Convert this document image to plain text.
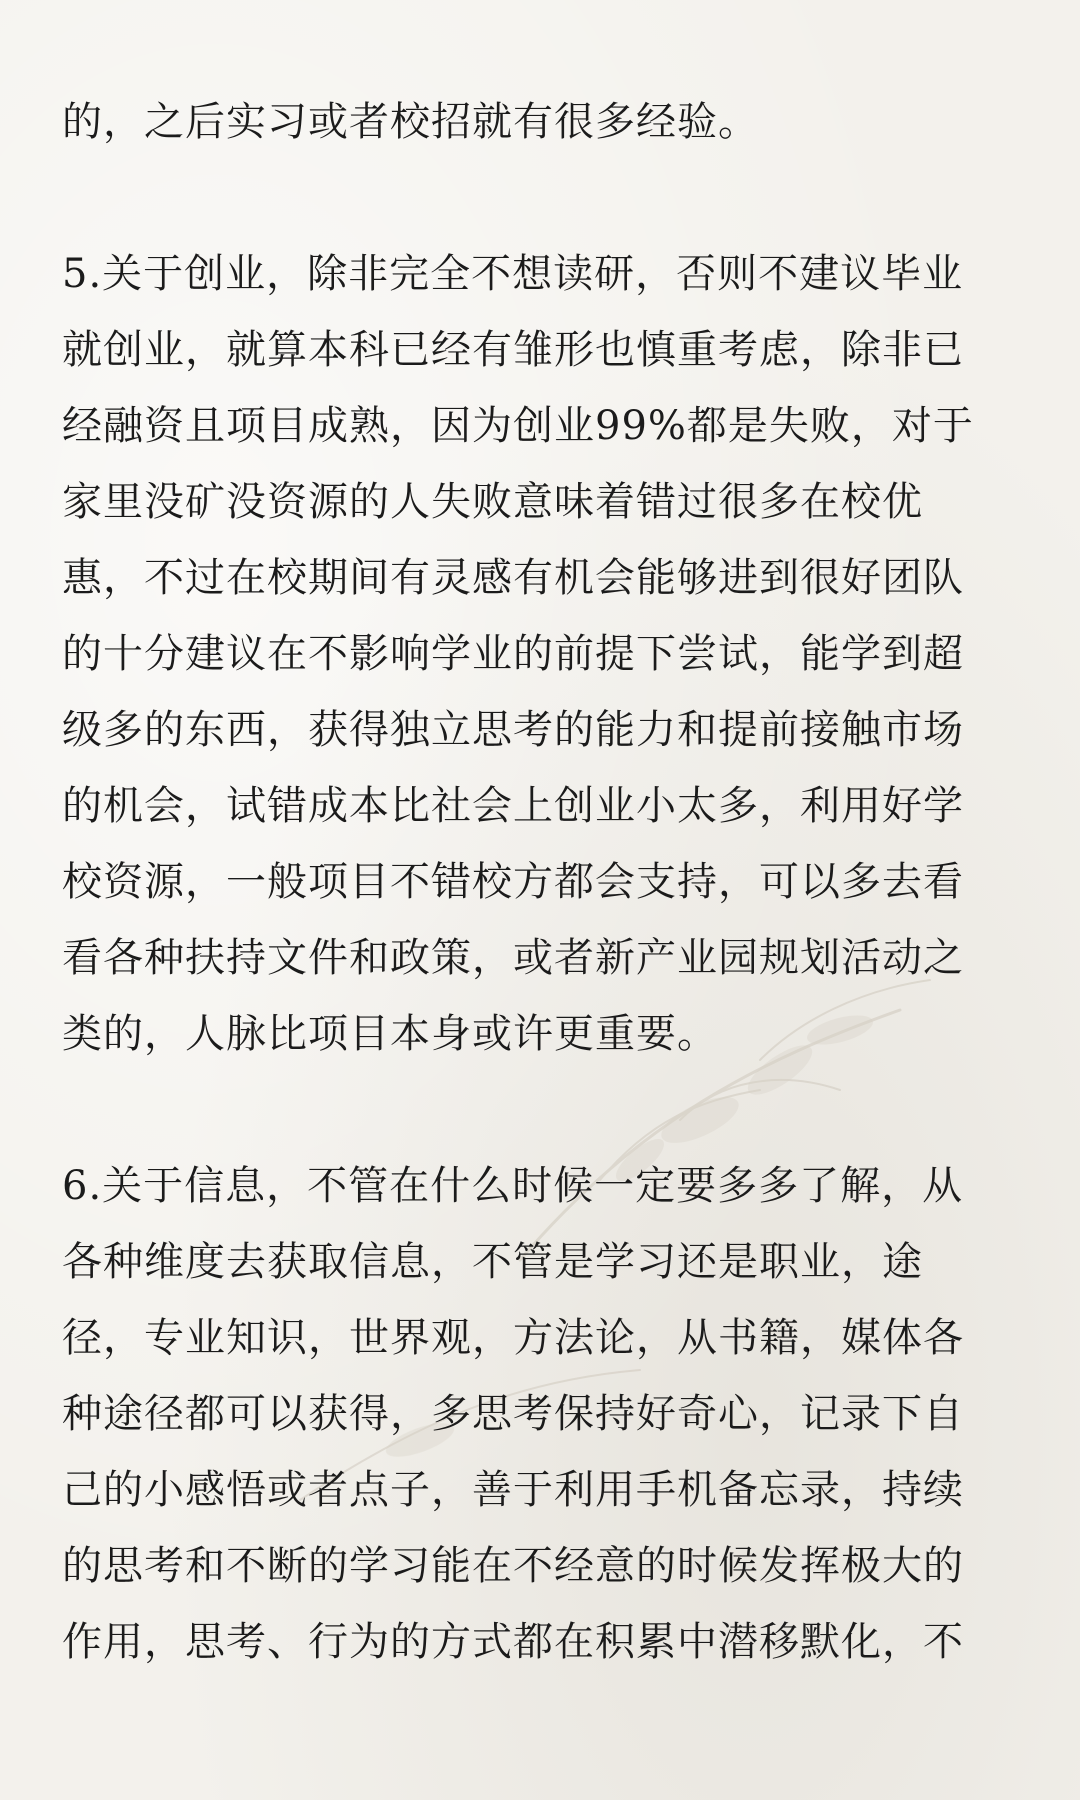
的，之后实习或者校招就有很多经验。

5.关于创业，除非完全不想读研，否则不建议毕业
就创业，就算本科已经有雏形也慎重考虑，除非已
经融资且项目成熟，因为创业99%都是失败，对于
家里没矿没资源的人失败意味着错过很多在校优
惠，不过在校期间有灵感有机会能够进到很好团队
的十分建议在不影响学业的前提下尝试，能学到超
级多的东西，获得独立思考的能力和提前接触市场
的机会，试错成本比社会上创业小太多，利用好学
校资源，一般项目不错校方都会支持，可以多去看
看各种扶持文件和政策，或者新产业园规划活动之
类的，人脉比项目本身或许更重要。

6.关于信息，不管在什么时候一定要多多了解，从
各种维度去获取信息，不管是学习还是职业，途
径，专业知识，世界观，方法论，从书籍，媒体各
种途径都可以获得，多思考保持好奇心，记录下自
己的小感悟或者点子，善于利用手机备忘录，持续
的思考和不断的学习能在不经意的时候发挥极大的
作用，思考、行为的方式都在积累中潜移默化，不
